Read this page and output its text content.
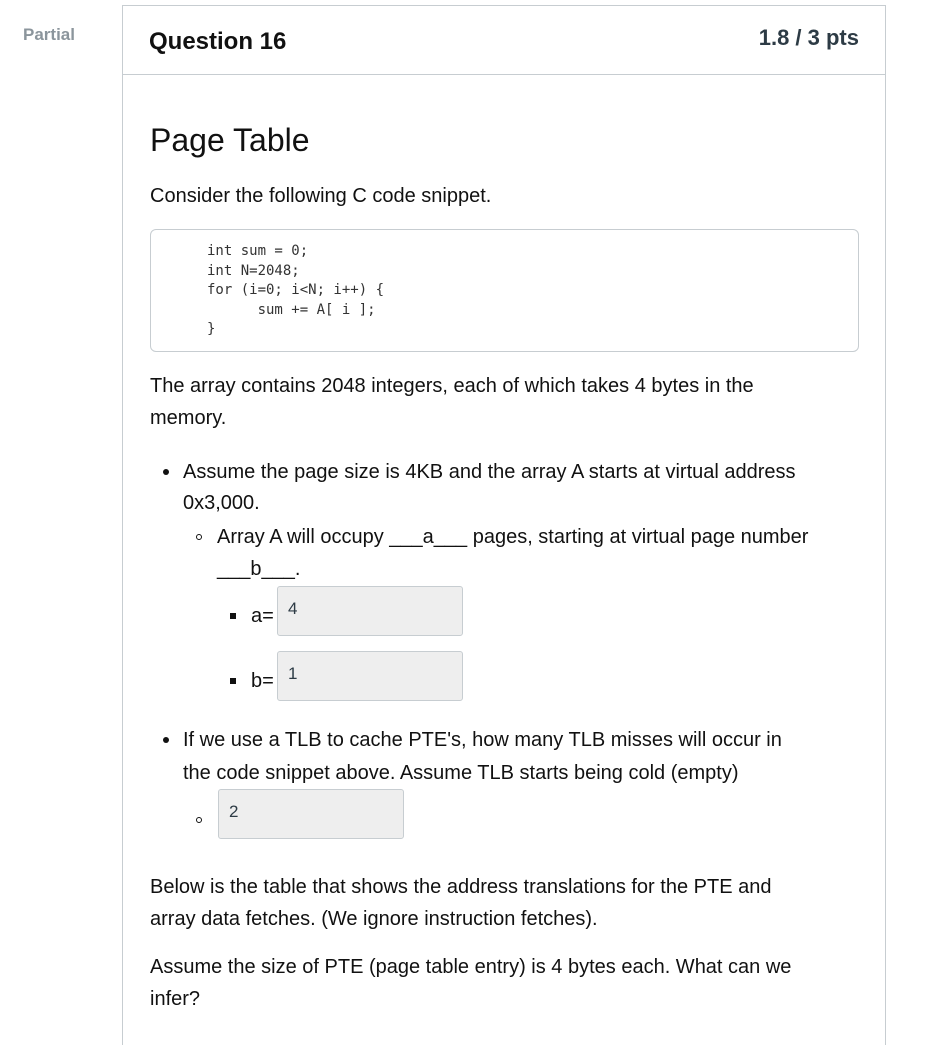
Partial	Question 16	1.8 / 3 pts
Page Table

Consider the following C code snippet.

int sum = 0;
int N=2048;
for (i=0; i<N; i++) {
sum += A[ i ];
}

The array contains 2048 integers, each of which takes 4 bytes in the

memory.

Assume the page size is 4KB and the array A starts at virtual address

0x3,000.

Array A will occupy ___a___ pages, starting at virtual page number

___b___.

a= 4
b= 1

If we use a TLB to cache PTE's, how many TLB misses will occur in

the code snippet above. Assume TLB starts being cold (empty)

2

Below is the table that shows the address translations for the PTE and

array data fetches. (We ignore instruction fetches).

Assume the size of PTE (page table entry) is 4 bytes each. What can we

infer?
